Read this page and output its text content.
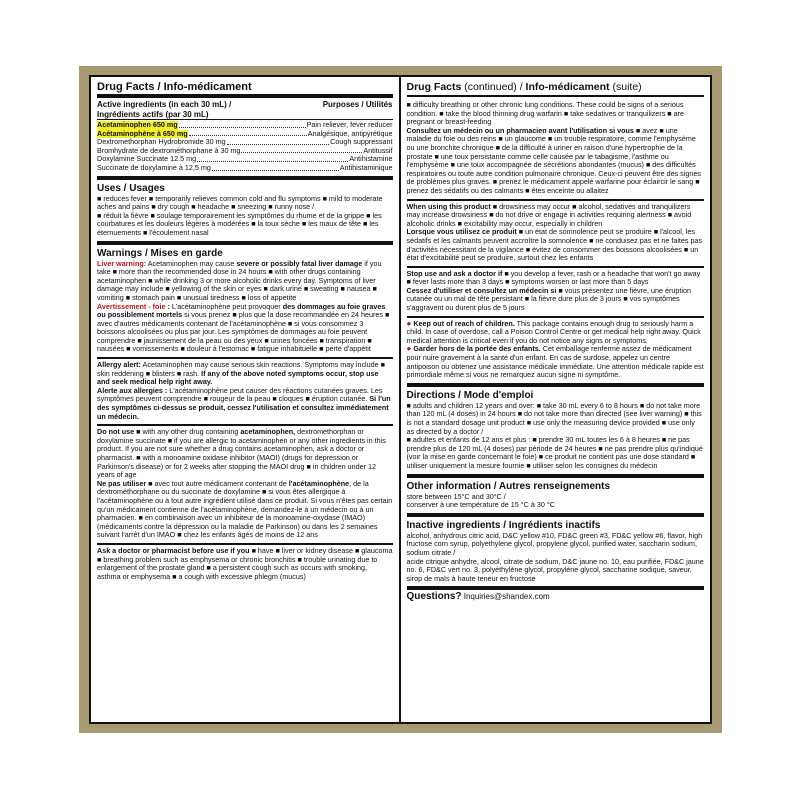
Drug Facts / Info-médicament
Active ingredients (in each 30 mL) /	Purposes / Utilités
Ingrédients actifs (par 30 mL)
Acetaminophen 650 mg	Pain reliever, fever reducer
Acétaminophène à 650 mg	Analgésique, antipyrétique
Dextromethorphan Hydrobromide 30 mg	Cough suppressant
Bromhydrate de dextrométhorphane à 30 mg	Antitussif
Doxylamine Succinate 12.5 mg	Antihistamine
Succinate de doxylamine à 12,5 mg	Antihistaminique
Uses / Usages

■ reduces fever ■ temporarily relieves common cold and flu symptoms ■ mild to moderate aches and pains ■ dry cough ■ headache ■ sneezing ■ runny nose /

■ réduit la fièvre ■ soulage temporairement les symptômes du rhume et de la grippe ■ les courbatures et les douleurs légères à modérées ■ la toux sèche ■ les maux de tête ■ les éternuements ■ l'écoulement nasal

Warnings / Mises en garde

Liver warning: Acetaminophen may cause severe or possibly fatal liver damage if you take ■ more than the recommended dose in 24 hours ■ with other drugs containing acetaminophen ■ while drinking 3 or more alcoholic drinks every day. Symptoms of liver damage may include ■ yellowing of the skin or eyes ■ dark urine ■ sweating ■ nausea ■ vomiting ■ stomach pain ■ unusual tiredness ■ loss of appetite

Avertissement - foie : L'acétaminophène peut provoquer des dommages au foie graves ou possiblement mortels si vous prenez ■ plus que la dose recommandée en 24 heures ■ avec d'autres médicaments contenant de l'acétaminophène ■ si vous consommez 3 boissons alcoolisées ou plus par jour. Les symptômes de dommages au foie peuvent comprendre ■ jaunissement de la peau ou des yeux ■ urines foncées ■ transpiration ■ nausées ■ vomissements ■ douleur à l'estomac ■ fatigue inhabituelle ■ perte d'appétit

Allergy alert: Acetaminophen may cause serious skin reactions. Symptoms may include ■ skin reddening ■ blisters ■ rash. If any of the above noted symptoms occur, stop use and seek medical help right away.

Alerte aux allergies : L'acétaminophène peut causer des réactions cutanées graves. Les symptômes peuvent comprendre ■ rougeur de la peau ■ cloques ■ éruption cutanée. Si l'un des symptômes ci-dessus se produit, cessez l'utilisation et consultez immédiatement un médecin.

Do not use ■ with any other drug containing acetaminophen, dextromethorphan or doxylamine succinate ■ if you are allergic to acetaminophen or any other ingredients in this product. If you are not sure whether a drug contains acetaminophen, ask a doctor or pharmacist. ■ with a monoamine oxidase inhibitor (MAOI) (drugs for depression or Parkinson's disease) or for 2 weeks after stopping the MAOI drug ■ in children under 12 years of age

Ne pas utiliser ■ avec tout autre médicament contenant de l'acétaminophène, de la dextrométhorphane ou du succinate de doxylamine ■ si vous êtes allergique à l'acétaminophène ou à tout autre ingrédient utilisé dans ce produit. Si vous n'êtes pas certain qu'un médicament contienne de l'acétaminophène, demandez-le à un médecin ou à un pharmacien. ■ en combinaison avec un inhibiteur de la monoamine-oxydase (IMAO) (médicaments contre la dépression ou la maladie de Parkinson) ou dans les 2 semaines suivant l'arrêt d'un IMAO ■ chez les enfants âgés de moins de 12 ans

Ask a doctor or pharmacist before use if you ■ have ■ liver or kidney disease ■ glaucoma ■ breathing problem such as emphysema or chronic bronchitis ■ trouble urinating due to enlargement of the prostate gland ■ a persistent cough such as occurs with smoking, asthma or emphysema ■ a cough with excessive phlegm (mucus)

Drug Facts (continued) / Info-médicament (suite)

■ difficulty breathing or other chronic lung conditions. These could be signs of a serious condition. ■ take the blood thinning drug warfarin ■ take sedatives or tranquilizers ■ are pregnant or breast-feeding

Consultez un médecin ou un pharmacien avant l'utilisation si vous ■ avez ■ une maladie du foie ou des reins ■ un glaucome ■ un trouble respiratoire, comme l'emphysème ou une bronchite chronique ■ de la difficulté à uriner en raison d'une hypertrophie de la prostate ■ une toux persistante comme celle causée par le tabagisme, l'asthme ou l'emphysème ■ une toux accompagnée de sécrétions abondantes (mucus) ■ des difficultés respiratoires ou toute autre condition pulmonaire chronique. Ceux-ci peuvent être des signes de problèmes plus graves. ■ prenez le médicament appelé warfarine pour éclaircir le sang ■ prenez des sédatifs ou des calmants ■ êtes enceinte ou allaitez

When using this product ■ drowsiness may occur ■ alcohol, sedatives and tranquilizers may increase drowsiness ■ do not drive or engage in activities requiring alertness ■ avoid alcoholic drinks ■ excitability may occur, especially in children

Lorsque vous utilisez ce produit ■ un état de somnolence peut se produire ■ l'alcool, les sédatifs et les calmants peuvent accroître la somnolence ■ ne conduisez pas et ne faites pas d'activités nécessitant de la vigilance ■ évitez de consommer des boissons alcoolisées ■ un état d'excitabilité peut se produire, surtout chez les enfants

Stop use and ask a doctor if ■ you develop a fever, rash or a headache that won't go away ■ fever lasts more than 3 days ■ symptoms worsen or last more than 5 days

Cessez d'utiliser et consultez un médecin si ■ vous présentez une fièvre, une éruption cutanée ou un mal de tête persistant ■ la fièvre dure plus de 3 jours ■ vos symptômes s'aggravent ou durent plus de 5 jours

● Keep out of reach of children. This package contains enough drug to seriously harm a child. In case of overdose, call a Poison Control Centre or get medical help right away. Quick medical attention is critical even if you do not notice any signs or symptoms.

● Garder hors de la portée des enfants. Cet emballage renferme assez de médicament pour nuire gravement à la santé d'un enfant. En cas de surdose, appelez un centre antipoison ou obtenez une assistance médicale immédiate. Une attention médicale rapide est primordiale même si vous ne remarquez aucun signe ni symptôme.

Directions / Mode d'emploi

■ adults and children 12 years and over: ■ take 30 mL every 6 to 8 hours ■ do not take more than 120 mL (4 doses) in 24 hours ■ do not take more than directed (see liver warning) ■ this is not a standard dosage unit product ■ use only the measuring device provided ■ use only as directed by a doctor /

■ adultes et enfants de 12 ans et plus : ■ prendre 30 mL toutes les 6 à 8 heures ■ ne pas prendre plus de 120 mL (4 doses) par période de 24 heures ■ ne pas prendre plus qu'indiqué (voir la mise en garde concernant le foie) ■ ce produit ne contient pas une dose standard ■ utiliser uniquement la mesure fournie ■ utiliser selon les consignes du médecin

Other information / Autres renseignements

store between 15°C and 30°C /

conserver à une température de 15 °C à 30 °C

Inactive ingredients / Ingrédients inactifs

alcohol, anhydrous citric acid, D&C yellow #10, FD&C green #3, FD&C yellow #6, flavor, high fructose corn syrup, polyethylene glycol, propylene glycol, purified water, saccharin sodium, sodium citrate /

acide citrique anhydre, alcool, citrate de sodium, D&C jaune no. 10, eau purifiée, FD&C jaune no. 6, FD&C vert no. 3, polyéthylène glycol, propylène glycol, saccharine sodique, saveur, sirop de maïs à haute teneur en fructose

Questions? Inquiries@shandex.com
